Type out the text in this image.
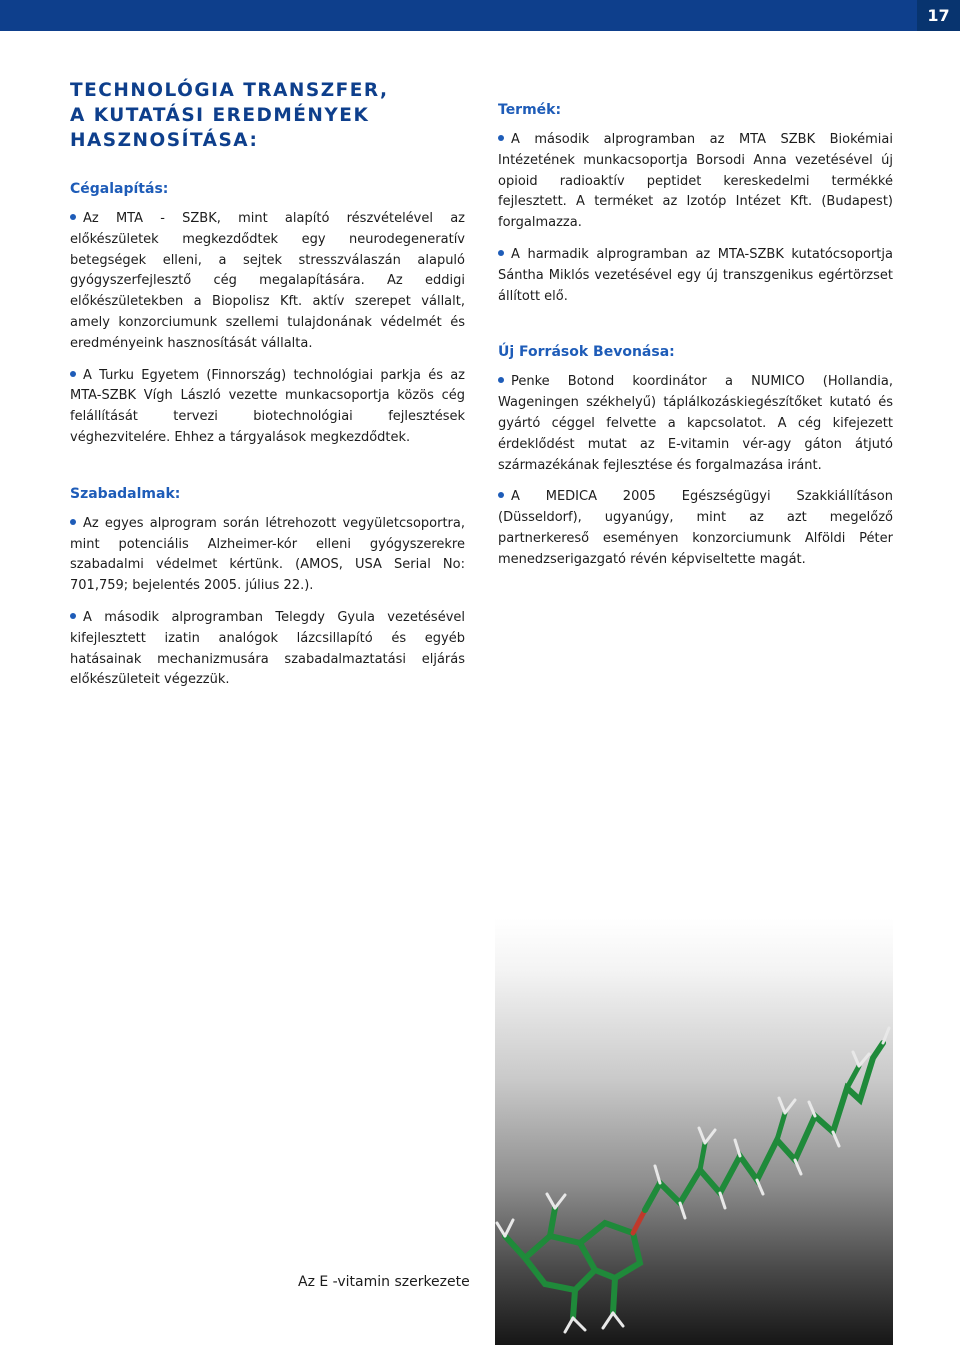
17
TECHNOLÓGIA TRANSZFER,
A KUTATÁSI EREDMÉNYEK
HASZNOSÍTÁSA:
Cégalapítás:

Az MTA - SZBK, mint alapító részvételével az előkészületek megkezdődtek egy neurodegeneratív betegségek elleni, a sejtek stresszválaszán alapuló gyógyszerfejlesztő cég megalapítására. Az eddigi előkészületekben a Biopolisz Kft. aktív szerepet vállalt, amely konzorciumunk szellemi tulajdonának védelmét és eredményeink hasznosítását vállalta.

A Turku Egyetem (Finnország) technológiai parkja és az MTA-SZBK Vígh László vezette munkacsoportja közös cég felállítását tervezi biotechnológiai fejlesztések véghezvitelére. Ehhez a tárgyalások megkezdődtek.

Szabadalmak:

Az egyes alprogram során létrehozott vegyületcsoportra, mint potenciális Alzheimer-kór elleni gyógyszerekre szabadalmi védelmet kértünk. (AMOS, USA Serial No: 701,759; bejelentés 2005. július 22.).

A második alprogramban Telegdy Gyula vezetésével kifejlesztett izatin analógok lázcsillapító és egyéb hatásainak mechanizmusára szabadalmaztatási eljárás előkészületeit végezzük.

Termék:

A második alprogramban az MTA SZBK Biokémiai Intézetének munkacsoportja Borsodi Anna vezetésével új opioid radioaktív peptidet kereskedelmi termékké fejlesztett. A terméket az Izotóp Intézet Kft. (Budapest) forgalmazza.

A harmadik alprogramban az MTA-SZBK kutatócsoportja Sántha Miklós vezetésével egy új transzgenikus egértörzset állított elő.

Új Források Bevonása:

Penke Botond koordinátor a NUMICO (Hollandia, Wageningen székhelyű) táplálkozáskiegészítőket kutató és gyártó céggel felvette a kapcsolatot. A cég kifejezett érdeklődést mutat az E-vitamin vér-agy gáton átjutó származékának fejlesztése és forgalmazása iránt.

A MEDICA 2005 Egészségügyi Szakkiállításon (Düsseldorf), ugyanúgy, mint az azt megelőző partnerkereső eseményen konzorciumunk Alföldi Péter menedzserigazgató révén képviseltette magát.

Az E -vitamin szerkezete
